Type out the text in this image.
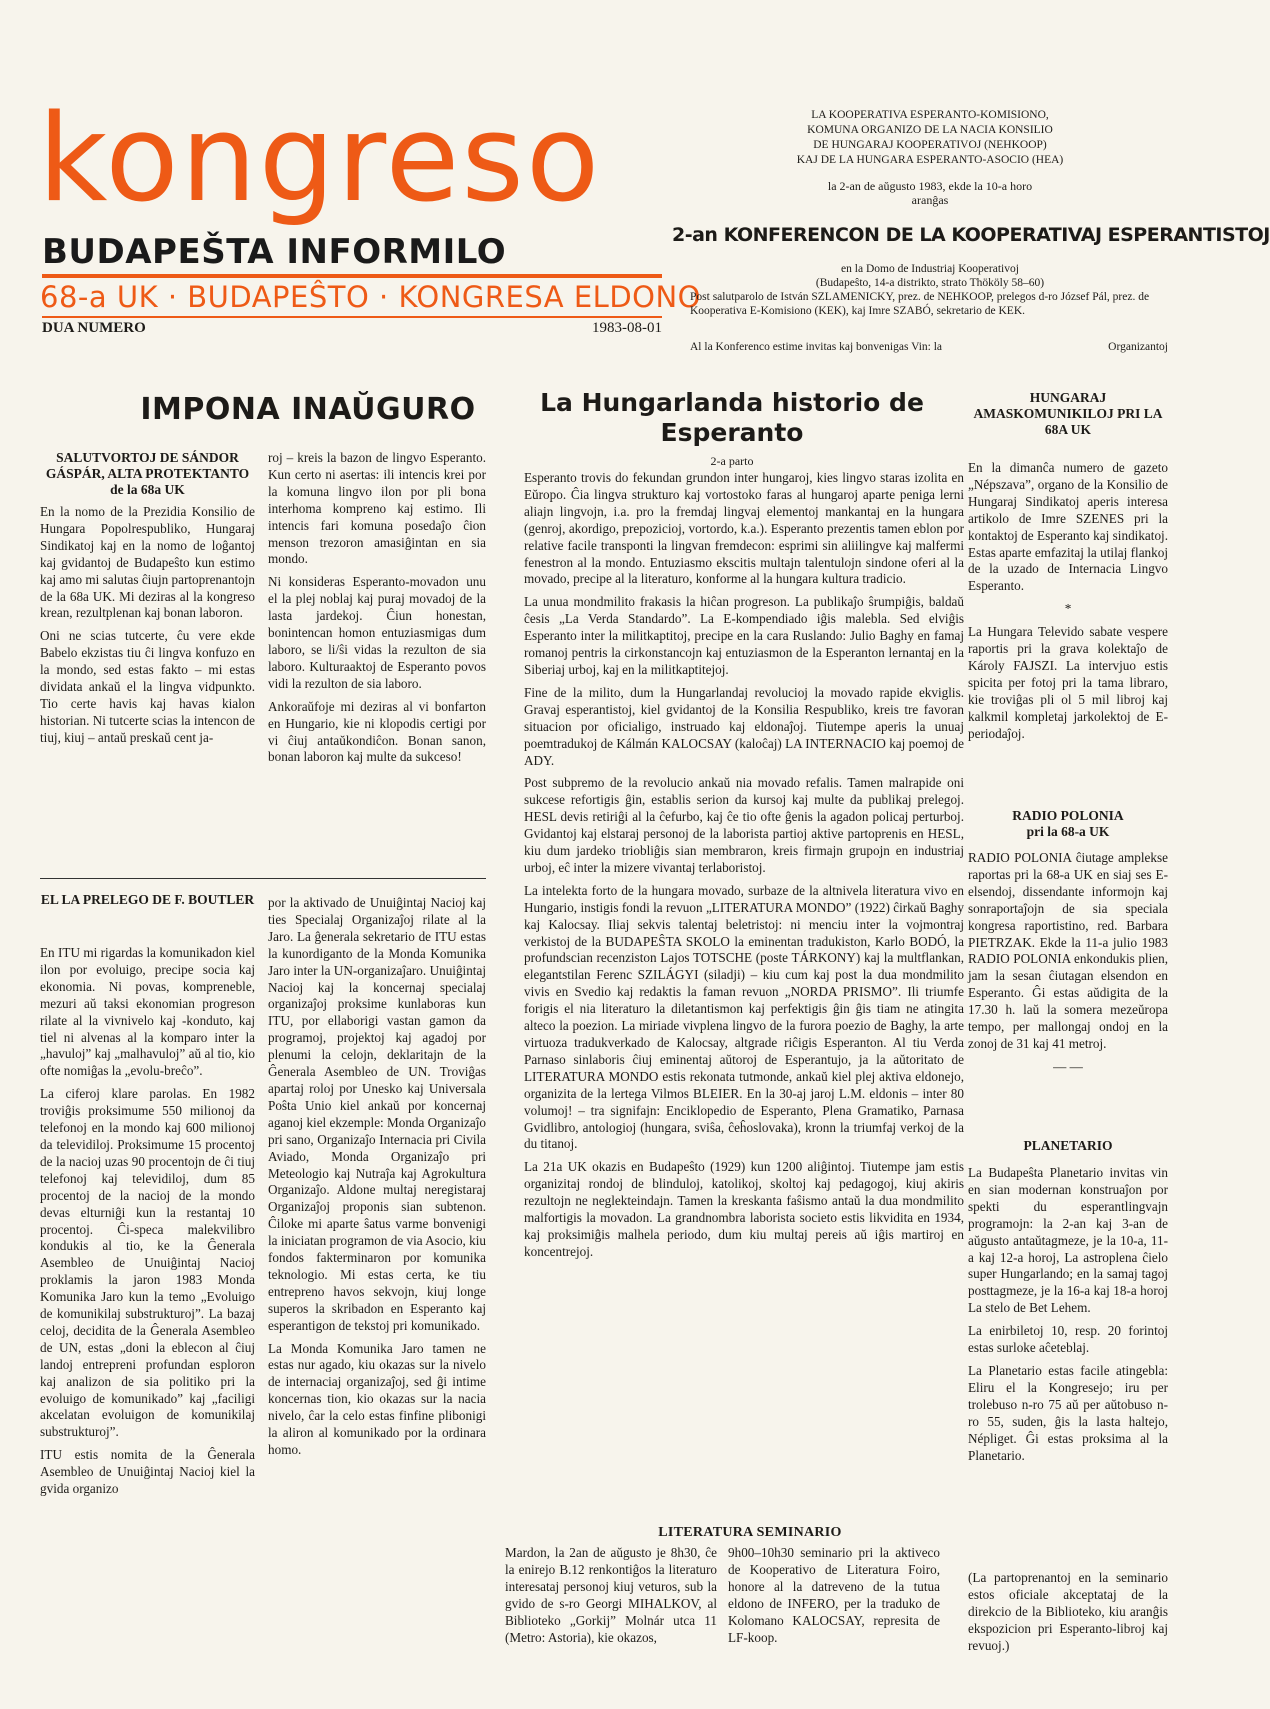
kongreso
BUDAPEŠTA INFORMILO
68-a UK · BUDAPEŜTO · KONGRESA ELDONO
DUA NUMERO	1983-08-01
LA KOOPERATIVA ESPERANTO-KOMISIONO,
KOMUNA ORGANIZO DE LA NACIA KONSILIO
DE HUNGARAJ KOOPERATIVOJ (NEHKOOP)
KAJ DE LA HUNGARA ESPERANTO-ASOCIO (HEA)
la 2-an de aŭgusto 1983, ekde la 10-a horo
aranĝas
2-an KONFERENCON DE LA KOOPERATIVAJ ESPERANTISTOJ
en la Domo de Industriaj Kooperativoj
(Budapeŝto, 14-a distrikto, strato Thököly 58–60)
Post salutparolo de István SZLAMENICKY, prez. de NEHKOOP, prelegos d-ro József Pál, prez. de Kooperativa E-Komisiono (KEK), kaj Imre SZABÓ, sekretario de KEK.
Al la Konferenco estime invitas kaj bonvenigas Vin: la	Organizantoj
IMPONA INAŬGURO
SALUTVORTOJ DE SÁNDOR GÁSPÁR, ALTA PROTEKTANTO
de la 68a UK

En la nomo de la Prezidia Konsilio de Hungara Popolrespubliko, Hungaraj Sindikatoj kaj en la nomo de loĝantoj kaj gvidantoj de Budapeŝto kun estimo kaj amo mi salutas ĉiujn partoprenantojn de la 68a UK. Mi deziras al la kongreso krean, rezultplenan kaj bonan laboron.

Oni ne scias tutcerte, ĉu vere ekde Babelo ekzistas tiu ĉi lingva konfuzo en la mondo, sed estas fakto – mi estas dividata ankaŭ el la lingva vidpunkto. Tio certe havis kaj havas kialon historian. Ni tutcerte scias la intencon de tiuj, kiuj – antaŭ preskaŭ cent ja-

roj – kreis la bazon de lingvo Esperanto. Kun certo ni asertas: ili intencis krei por la komuna lingvo ilon por pli bona interhoma kompreno kaj estimo. Ili intencis fari komuna posedaĵo ĉion menson trezoron amasiĝintan en sia mondo.

Ni konsideras Esperanto-movadon unu el la plej noblaj kaj puraj movadoj de la lasta jardekoj. Ĉiun honestan, bonintencan homon entuziasmigas dum laboro, se li/ŝi vidas la rezulton de sia laboro. Kulturaaktoj de Esperanto povos vidi la rezulton de sia laboro.

Ankoraŭfoje mi deziras al vi bonfarton en Hungario, kie ni klopodis certigi por vi ĉiuj antaŭkondiĉon. Bonan sanon, bonan laboron kaj multe da sukceso!

EL LA PRELEGO DE F. BOUTLER

En ITU mi rigardas la komunikadon kiel ilon por evoluigo, precipe socia kaj ekonomia. Ni povas, kompreneble, mezuri aŭ taksi ekonomian progreson rilate al la vivnivelo kaj -konduto, kaj tiel ni alvenas al la komparo inter la „havuloj” kaj „malhavuloj” aŭ al tio, kio ofte nomiĝas la „evolu-breĉo”.

La ciferoj klare parolas. En 1982 troviĝis proksimume 550 milionoj da telefonoj en la mondo kaj 600 milionoj da televidiloj. Proksimume 15 procentoj de la nacioj uzas 90 procentojn de ĉi tiuj telefonoj kaj televidiloj, dum 85 procentoj de la nacioj de la mondo devas elturniĝi kun la restantaj 10 procentoj. Ĉi-speca malekvilibro kondukis al tio, ke la Ĝenerala Asembleo de Unuiĝintaj Nacioj proklamis la jaron 1983 Monda Komunika Jaro kun la temo „Evoluigo de komunikilaj substrukturoj”. La bazaj celoj, decidita de la Ĝenerala Asembleo de UN, estas „doni la eblecon al ĉiuj landoj entrepreni profundan esploron kaj analizon de sia politiko pri la evoluigo de komunikado” kaj „faciligi akcelatan evoluigon de komunikilaj substrukturoj”.

ITU estis nomita de la Ĝenerala Asembleo de Unuiĝintaj Nacioj kiel la gvida organizo

por la aktivado de Unuiĝintaj Nacioj kaj ties Specialaj Organizaĵoj rilate al la Jaro. La ĝenerala sekretario de ITU estas la kunordiganto de la Monda Komunika Jaro inter la UN-organizaĵaro. Unuiĝintaj Nacioj kaj la koncernaj specialaj organizaĵoj proksime kunlaboras kun ITU, por ellaborigi vastan gamon da programoj, projektoj kaj agadoj por plenumi la celojn, deklaritajn de la Ĝenerala Asembleo de UN. Troviĝas apartaj roloj por Unesko kaj Universala Poŝta Unio kiel ankaŭ por koncernaj aganoj kiel ekzemple: Monda Organizaĵo pri sano, Organizaĵo Internacia pri Civila Aviado, Monda Organizaĵo pri Meteologio kaj Nutraĵa kaj Agrokultura Organizaĵo. Aldone multaj neregistaraj Organizaĵoj proponis sian subtenon. Ĉiloke mi aparte ŝatus varme bonvenigi la iniciatan programon de via Asocio, kiu fondos fakterminaron por komunika teknologio. Mi estas certa, ke tiu entrepreno havos sekvojn, kiuj longe superos la skribadon en Esperanto kaj esperantigon de tekstoj pri komunikado.

La Monda Komunika Jaro tamen ne estas nur agado, kiu okazas sur la nivelo de internaciaj organizaĵoj, sed ĝi intime koncernas tion, kio okazas sur la nacia nivelo, ĉar la celo estas finfine plibonigi la aliron al komunikado por la ordinara homo.

La Hungarlanda historio de Esperanto
2-a parto

Esperanto trovis do fekundan grundon inter hungaroj, kies lingvo staras izolita en Eŭropo. Ĉia lingva strukturo kaj vortostoko faras al hungaroj aparte peniga lerni aliajn lingvojn, i.a. pro la fremdaj lingvaj elementoj mankantaj en la hungara (genroj, akordigo, prepozicioj, vortordo, k.a.). Esperanto prezentis tamen eblon por relative facile transponti la lingvan fremdecon: esprimi sin aliilingve kaj malfermi fenestron al la mondo. Entuziasmo ekscitis multajn talentulojn sindone oferi al la movado, precipe al la literaturo, konforme al la hungara kultura tradicio.

La unua mondmilito frakasis la hiĉan progreson. La publikaĵo ŝrumpiĝis, baldaŭ ĉesis „La Verda Standardo”. La E-kompendiado iĝis malebla. Sed elviĝis Esperanto inter la militkaptitoj, precipe en la cara Ruslando: Julio Baghy en famaj romanoj pentris la cirkonstancojn kaj entuziasmon de la Esperanton lernantaj en la Siberiaj urboj, kaj en la militkaptitejoj.

Fine de la milito, dum la Hungarlandaj revolucioj la movado rapide ekviglis. Gravaj esperantistoj, kiel gvidantoj de la Konsilia Respubliko, kreis tre favoran situacion por oficialigo, instruado kaj eldonaĵoj. Tiutempe aperis la unuaj poemtradukoj de Kálmán KALOCSAY (kaloĉaj) LA INTERNACIO kaj poemoj de ADY.

Post subpremo de la revolucio ankaŭ nia movado refalis. Tamen malrapide oni sukcese refortigis ĝin, establis serion da kursoj kaj multe da publikaj prelegoj. HESL devis retiriĝi al la ĉefurbo, kaj ĉe tio ofte ĝenis la agadon policaj perturboj. Gvidantoj kaj elstaraj personoj de la laborista partioj aktive partoprenis en HESL, kiu dum jardeko triobliĝis sian membraron, kreis firmajn grupojn en industriaj urboj, eĉ inter la mizere vivantaj terlaboristoj.

La intelekta forto de la hungara movado, surbaze de la altnivela literatura vivo en Hungario, instigis fondi la revuon „LITERATURA MONDO” (1922) ĉirkaŭ Baghy kaj Kalocsay. Iliaj sekvis talentaj beletristoj: ni menciu inter la vojmontraj verkistoj de la BUDAPEŜTA SKOLO la eminentan tradukiston, Karlo BODÓ, la profundscian recenziston Lajos TOTSCHE (poste TÁRKONY) kaj la multflankan, elegantstilan Ferenc SZILÁGYI (siladji) – kiu cum kaj post la dua mondmilito vivis en Svedio kaj redaktis la faman revuon „NORDA PRISMO”. Ili triumfe forigis el nia literaturo la diletantismon kaj perfektigis ĝin ĝis tiam ne atingita alteco la poezion. La miriade vivplena lingvo de la furora poezio de Baghy, la arte virtuoza tradukverkado de Kalocsay, altgrade riĉigis Esperanton. Al tiu Verda Parnaso sinlaboris ĉiuj eminentaj aŭtoroj de Esperantujo, ja la aŭtoritato de LITERATURA MONDO estis rekonata tutmonde, ankaŭ kiel plej aktiva eldonejo, organizita de la lertega Vilmos BLEIER. En la 30-aj jaroj L.M. eldonis – inter 80 volumoj! – tra signifajn: Enciklopedio de Esperanto, Plena Gramatiko, Parnasa Gvidlibro, antologioj (hungara, sviŝa, ĉeĥoslovaka), kronn la triumfaj verkoj de la du titanoj.

La 21a UK okazis en Budapeŝto (1929) kun 1200 aliĝintoj. Tiutempe jam estis organizitaj rondoj de blinduloj, katolikoj, skoltoj kaj pedagogoj, kiuj akiris rezultojn ne neglekteindajn. Tamen la kreskanta faŝismo antaŭ la dua mondmilito malfortigis la movadon. La grandnombra laborista societo estis likvidita en 1934, kaj proksimiĝis malhela periodo, dum kiu multaj pereis aŭ iĝis martiroj en koncentrejoj.

LITERATURA SEMINARIO

Mardon, la 2an de aŭgusto je 8h30, ĉe la enirejo B.12 renkontiĝos la literaturo interesataj personoj kiuj veturos, sub la gvido de s-ro Georgi MIHALKOV, al Biblioteko „Gorkij” Molnár utca 11 (Metro: Astoria), kie okazos,

9h00–10h30 seminario pri la aktiveco de Kooperativo de Literatura Foiro, honore al la datreveno de la tutua eldono de INFERO, per la traduko de Kolomano KALOCSAY, represita de LF-koop.

HUNGARAJ AMASKOMUNIKILOJ PRI LA 68A UK

En la dimanĉa numero de gazeto „Népszava”, organo de la Konsilio de Hungaraj Sindikatoj aperis interesa artikolo de Imre SZENES pri la kontaktoj de Esperanto kaj sindikatoj. Estas aparte emfazitaj la utilaj flankoj de la uzado de Internacia Lingvo Esperanto.

*

La Hungara Televido sabate vespere raportis pri la grava kolektaĵo de Károly FAJSZI. La intervjuo estis spicita per fotoj pri la tama libraro, kie troviĝas pli ol 5 mil libroj kaj kalkmil kompletaj jarkolektoj de E-periodaĵoj.

RADIO POLONIA
pri la 68-a UK

RADIO POLONIA ĉiutage amplekse raportas pri la 68-a UK en siaj ses E-elsendoj, dissendante informojn kaj sonraportaĵojn de sia speciala kongresa raportistino, red. Barbara PIETRZAK. Ekde la 11-a julio 1983 RADIO POLONIA enkondukis plien, jam la sesan ĉiutagan elsendon en Esperanto. Ĝi estas aŭdigita de la 17.30 h. laŭ la somera mezeŭropa tempo, per mallongaj ondoj en la zonoj de 31 kaj 41 metroj.

— —
PLANETARIO

La Budapeŝta Planetario invitas vin en sian modernan konstruaĵon por spekti du esperantlingvajn programojn: la 2-an kaj 3-an de aŭgusto antaŭtagmeze, je la 10-a, 11-a kaj 12-a horoj, La astroplena ĉielo super Hungarlando; en la samaj tagoj posttagmeze, je la 16-a kaj 18-a horoj La stelo de Bet Lehem.

La enirbiletoj 10, resp. 20 forintoj estas surloke aĉeteblaj.

La Planetario estas facile atingebla: Eliru el la Kongresejo; iru per trolebuso n-ro 75 aŭ per aŭtobuso n-ro 55, suden, ĝis la lasta haltejo, Népliget. Ĝi estas proksima al la Planetario.

(La partoprenantoj en la seminario estos oficiale akceptataj de la direkcio de la Biblioteko, kiu aranĝis ekspozicion pri Esperanto-libroj kaj revuoj.)
